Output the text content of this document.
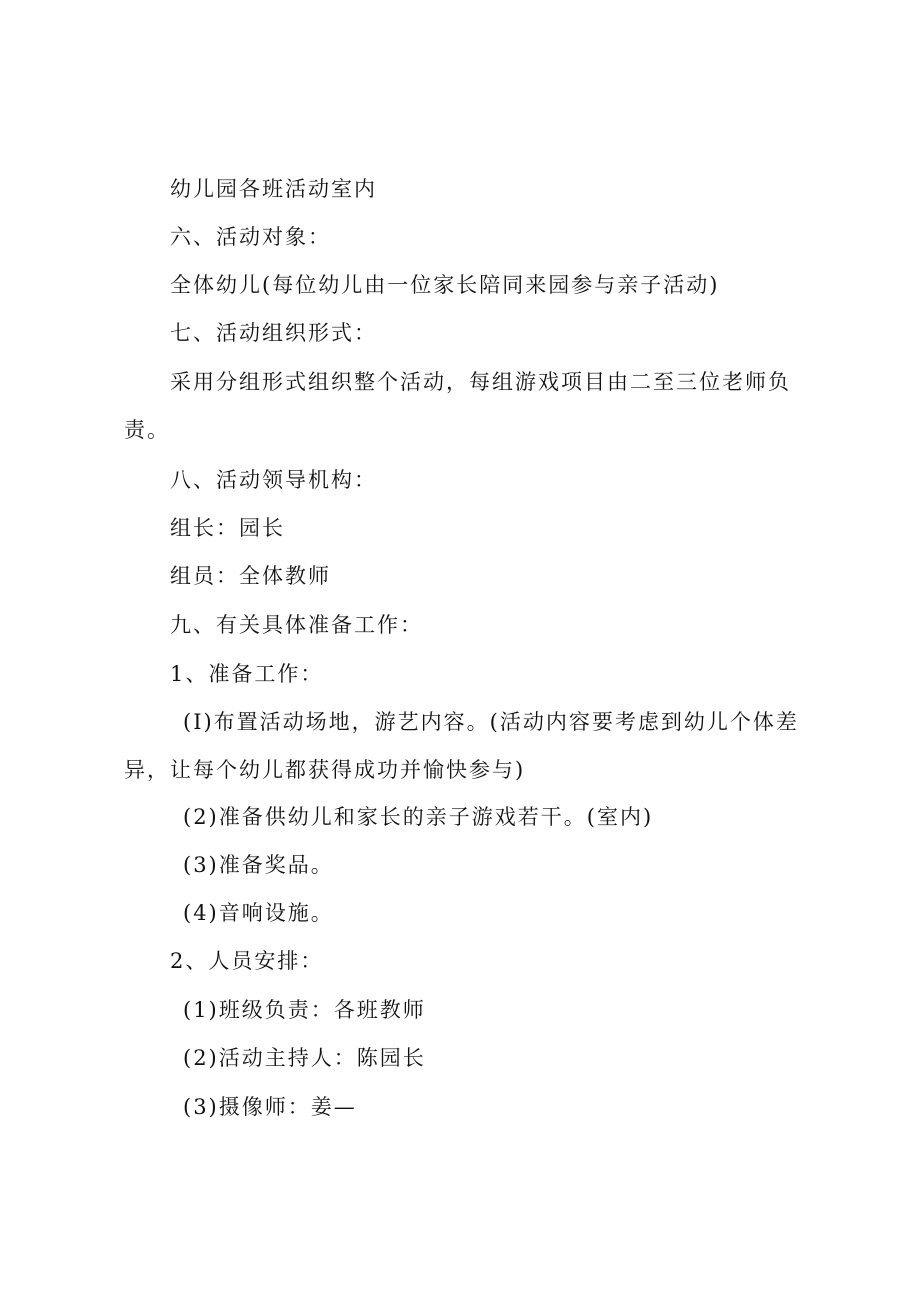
幼儿园各班活动室内
六、活动对象：
全体幼儿(每位幼儿由一位家长陪同来园参与亲子活动)
七、活动组织形式：
采用分组形式组织整个活动，每组游戏项目由二至三位老师负
责。
八、活动领导机构：
组长：园长
组员：全体教师
九、有关具体准备工作：
1、准备工作：
(I)布置活动场地，游艺内容。(活动内容要考虑到幼儿个体差
异，让每个幼儿都获得成功并愉快参与)
(2)准备供幼儿和家长的亲子游戏若干。(室内)
(3)准备奖品。
(4)音响设施。
2、人员安排：
(1)班级负责：各班教师
(2)活动主持人：陈园长
(3)摄像师：姜—
